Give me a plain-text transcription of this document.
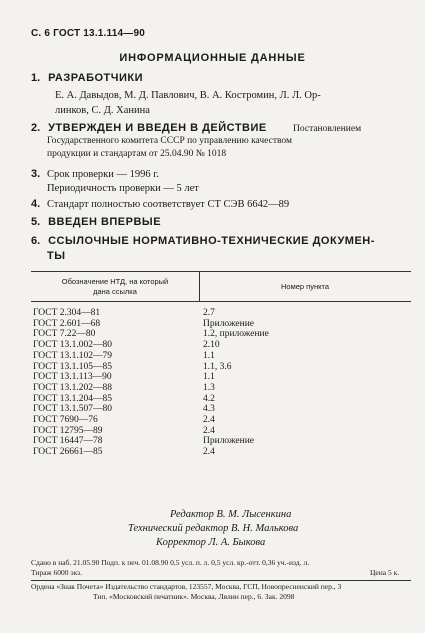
С. 6 ГОСТ 13.1.114—90
ИНФОРМАЦИОННЫЕ ДАННЫЕ
1. РАЗРАБОТЧИКИ
Е. А. Давыдов, М. Д. Павлович, В. А. Костромин, Л. Л. Ор-
линков, С. Д. Ханина
2. УТВЕРЖДЕН И ВВЕДЕН В ДЕЙСТВИЕ	Постановлением
Государственного комитета СССР по управлению качеством
продукции и стандартам от 25.04.90 № 1018
3. Срок проверки — 1996 г.
Периодичность проверки — 5 лет
4. Стандарт полностью соответствует СТ СЭВ 6642—89
5. ВВЕДЕН ВПЕРВЫЕ
6. ССЫЛОЧНЫЕ НОРМАТИВНО-ТЕХНИЧЕСКИЕ ДОКУМЕН-
ТЫ
Обозначение НТД, на который
дана ссылка
Номер пункта
ГОСТ 2.304—81	2.7
ГОСТ 2.601—68	Приложение
ГОСТ 7.22—80	1.2, приложение
ГОСТ 13.1.002—80	2.10
ГОСТ 13.1.102—79	1.1
ГОСТ 13.1.105—85	1.1, 3.6
ГОСТ 13.1.113—90	1.1
ГОСТ 13.1.202—88	1.3
ГОСТ 13.1.204—85	4.2
ГОСТ 13.1.507—80	4.3
ГОСТ 7690—76	2.4
ГОСТ 12795—89	2.4
ГОСТ 16447—78	Приложение
ГОСТ 26661—85	2.4
Редактор В. М. Лысенкина
Технический редактор В. Н. Малькова
Корректор Л. А. Быкова
Сдано в наб. 21.05.90 Подп. к печ. 01.08.90 0,5 усл. п. л. 0,5 усл. кр.-отт. 0,36 уч.-изд. л.
Тираж 6000 экз.	Цена 5 к.
Ордена «Знак Почета» Издательство стандартов, 123557, Москва, ГСП, Новопресненский пер., 3
Тип. «Московский печатник». Москва, Лялин пер., 6. Зак. 2098
